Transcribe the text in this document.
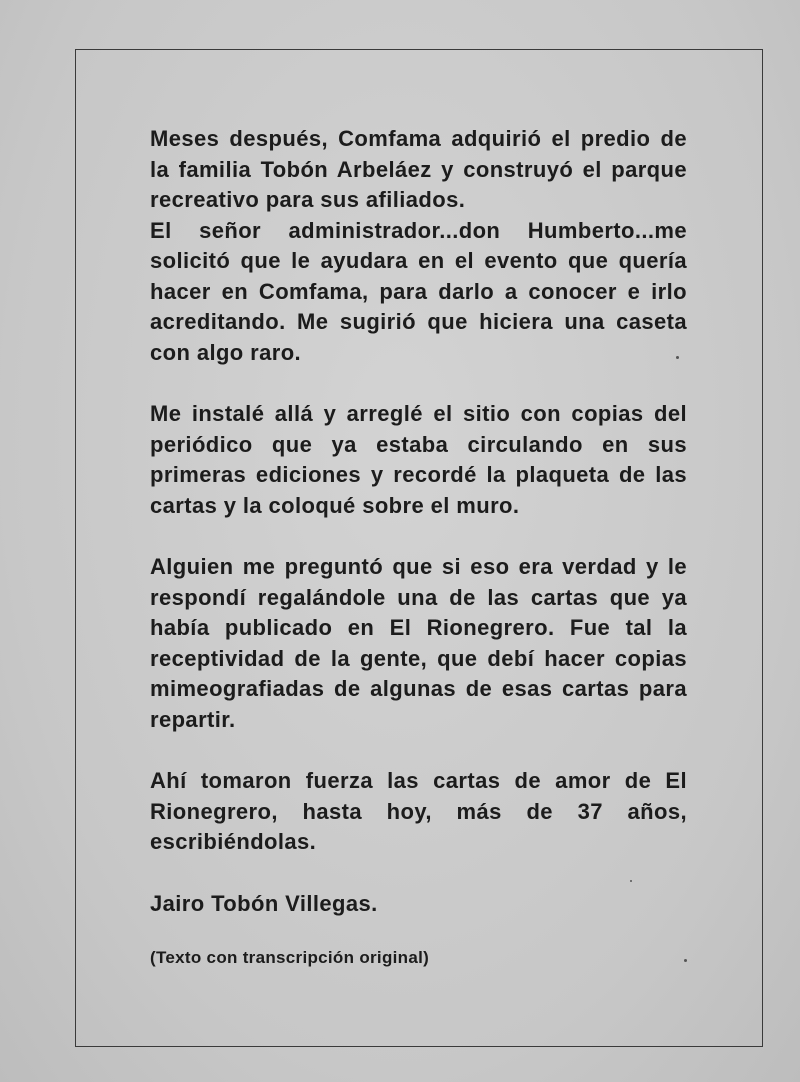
Meses después, Comfama adquirió el predio de la familia Tobón Arbeláez y construyó el parque recreativo para sus afiliados.

El señor administrador...don Humberto...me solicitó que le ayudara en el evento que quería hacer en Comfama, para darlo a conocer e irlo acreditando. Me sugirió que hiciera una caseta con algo raro.

Me instalé allá y arreglé el sitio con copias del periódico que ya estaba circulando en sus primeras ediciones y recordé la plaqueta de las cartas y la coloqué sobre el muro.

Alguien me preguntó que si eso era verdad y le respondí regalándole una de las cartas que ya había publicado en El Rionegrero. Fue tal la receptividad de la gente, que debí hacer copias mimeografiadas de algunas de esas cartas para repartir.

Ahí tomaron fuerza las cartas de amor de El Rionegrero, hasta hoy, más de 37 años, escribiéndolas.

Jairo Tobón Villegas.

(Texto con transcripción original)
